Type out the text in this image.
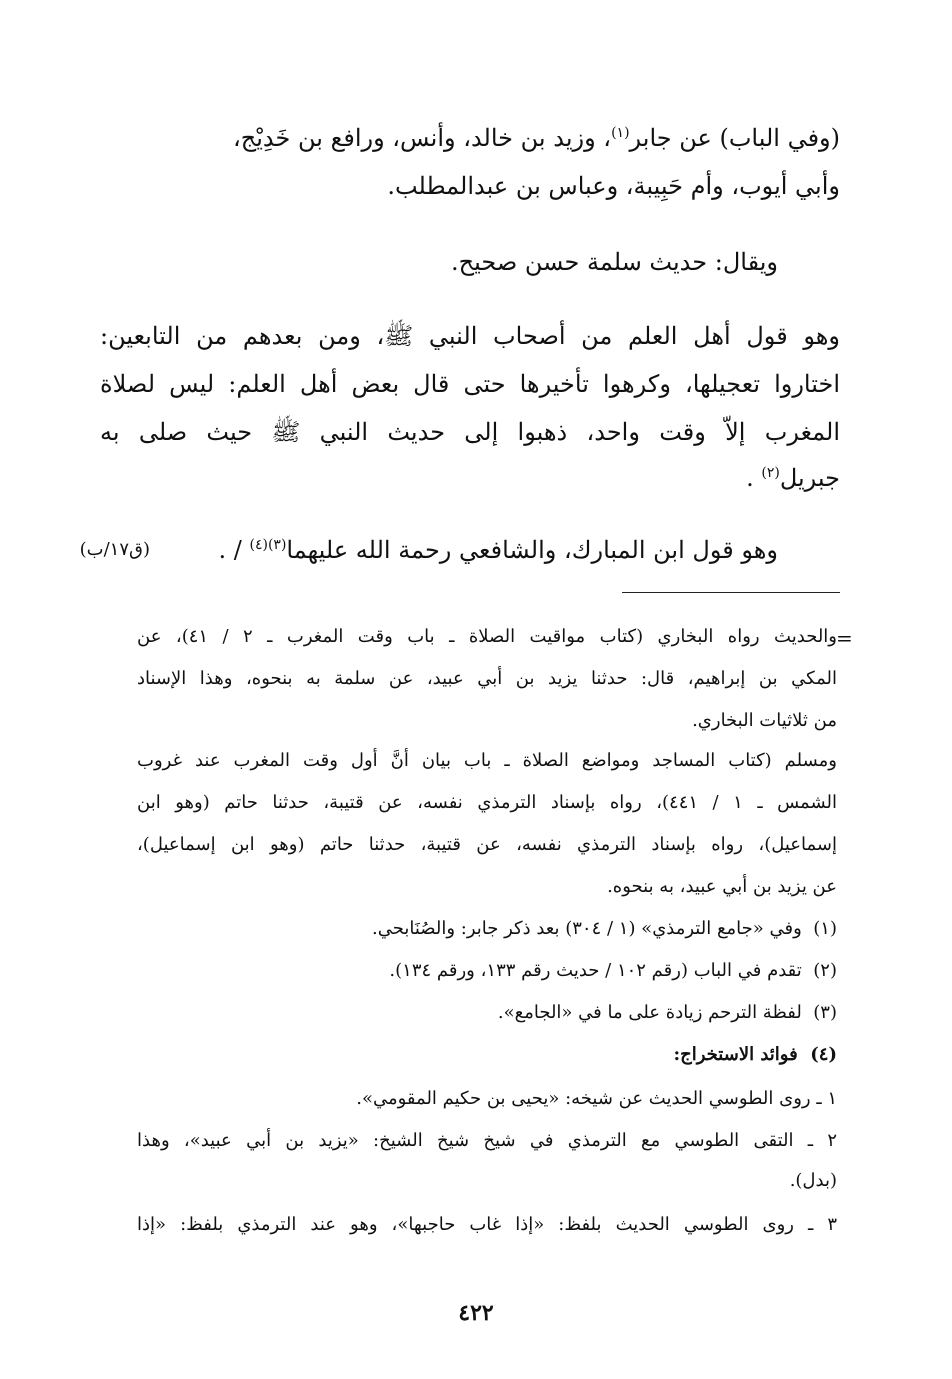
(وفي الباب) عن جابر$^{(١)}$، وزيد بن خالد، وأنس، ورافع بن خَدِيْج،
وأبي أيوب، وأم حَبِيبة، وعباس بن عبدالمطلب.
ويقال: حديث سلمة حسن صحيح.
وهو قول أهل العلم من أصحاب النبي ﷺ، ومن بعدهم من التابعين:
اختاروا تعجيلها، وكرهوا تأخيرها حتى قال بعض أهل العلم: ليس لصلاة
المغرب إلاّ وقت واحد، ذهبوا إلى حديث النبي ﷺ حيث صلى به
جبريل$^{(٢)}$ .
وهو قول ابن المبارك، والشافعي رحمة الله عليهما$^{(٣)(٤)}$ / .
(ق١٧/ب)
=
والحديث رواه البخاري (كتاب مواقيت الصلاة ـ باب وقت المغرب ـ ٢ / ٤١)، عن
المكي بن إبراهيم، قال: حدثنا يزيد بن أبي عبيد، عن سلمة به بنحوه، وهذا الإسناد
من ثلاثيات البخاري.
ومسلم (كتاب المساجد ومواضع الصلاة ـ باب بيان أنَّ أول وقت المغرب عند غروب
الشمس ـ ١ / ٤٤١)، رواه بإسناد الترمذي نفسه، عن قتيبة، حدثنا حاتم (وهو ابن
إسماعيل)، رواه بإسناد الترمذي نفسه، عن قتيبة، حدثنا حاتم (وهو ابن إسماعيل)،
عن يزيد بن أبي عبيد، به بنحوه.
(١)  وفي «جامع الترمذي» (١ / ٣٠٤) بعد ذكر جابر: والصُنَابحي.
(٢)  تقدم في الباب (رقم ١٠٢ / حديث رقم ١٣٣، ورقم ١٣٤).
(٣)  لفظة الترحم زيادة على ما في «الجامع».
(٤)  فوائد الاستخراج:
١ ـ روى الطوسي الحديث عن شيخه: «يحيى بن حكيم المقومي».
٢ ـ التقى الطوسي مع الترمذي في شيخ شيخ الشيخ: «يزيد بن أبي عبيد»، وهذا
(بدل).
٣ ـ روى الطوسي الحديث بلفظ: «إذا غاب حاجبها»، وهو عند الترمذي بلفظ: «إذا
٤٢٢
